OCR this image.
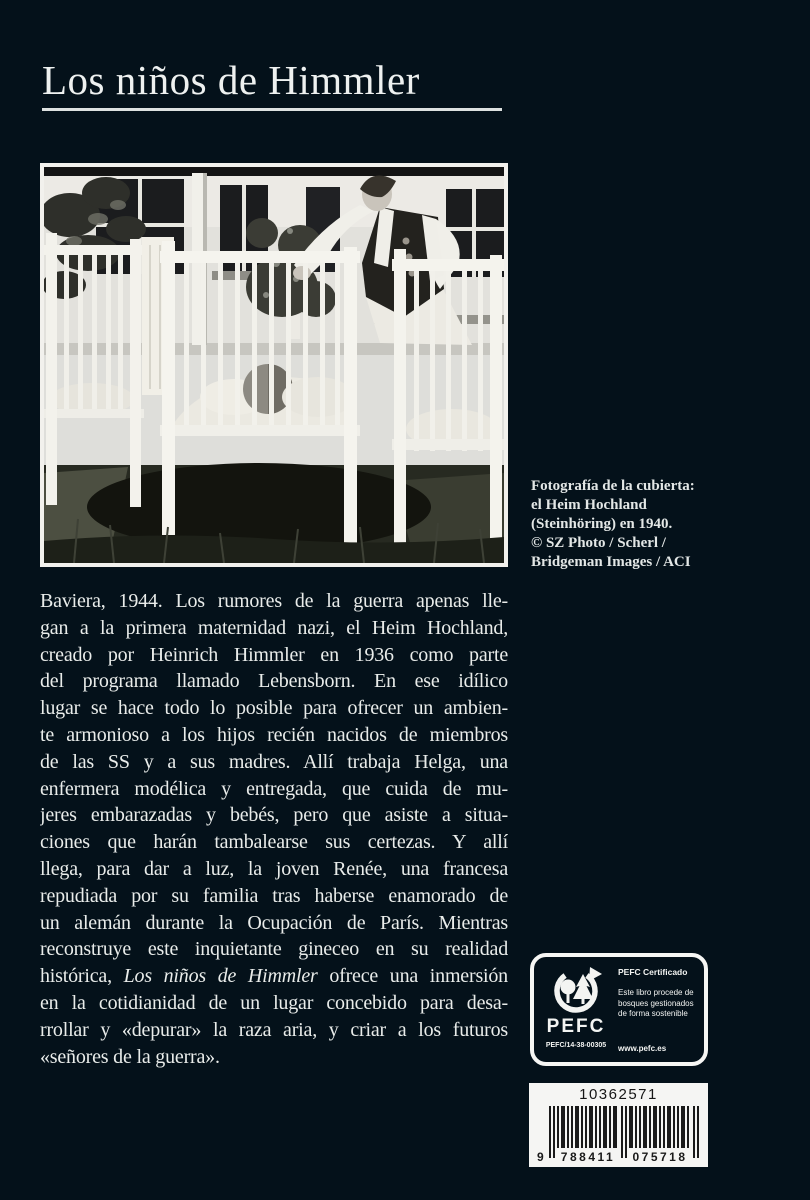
Los niños de Himmler
Fotografía de la cubierta:
el Heim Hochland
(Steinhöring) en 1940.
© SZ Photo / Scherl /
Bridgeman Images / ACI
Baviera, 1944. Los rumores de la guerra apenas lle-
gan a la primera maternidad nazi, el Heim Hochland,
creado por Heinrich Himmler en 1936 como parte
del programa llamado Lebensborn. En ese idílico
lugar se hace todo lo posible para ofrecer un ambien-
te armonioso a los hijos recién nacidos de miembros
de las SS y a sus madres. Allí trabaja Helga, una
enfermera modélica y entregada, que cuida de mu-
jeres embarazadas y bebés, pero que asiste a situa-
ciones que harán tambalearse sus certezas. Y allí
llega, para dar a luz, la joven Renée, una francesa
repudiada por su familia tras haberse enamorado de
un alemán durante la Ocupación de París. Mientras
reconstruye este inquietante gineceo en su realidad
histórica, Los niños de Himmler ofrece una inmersión
en la cotidianidad de un lugar concebido para desa-
rrollar y «depurar» la raza aria, y criar a los futuros
«señores de la guerra».
PEFC
PEFC/14-38-00305
PEFC Certificado
Este libro procede de bosques gestionados de forma sostenible
www.pefc.es
10362571
9 788411 075718
